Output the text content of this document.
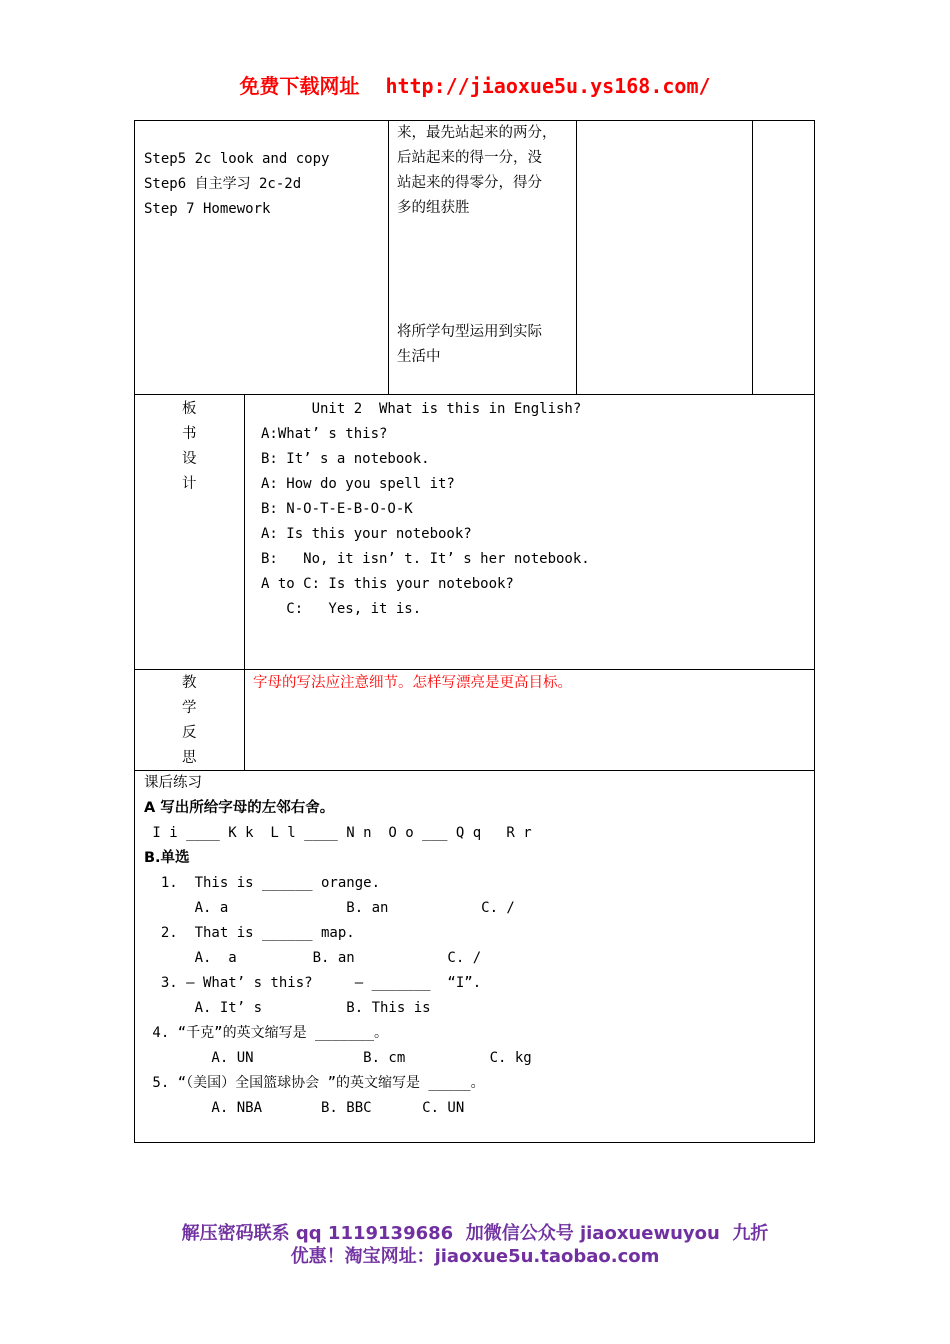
免费下载网址 http://jiaoxue5u.ys168.com/
Step5 2c look and copy
Step6 自主学习 2c-2d
Step 7 Homework
来，最先站起来的两分，
后站起来的得一分，没
站起来的得零分，得分
多的组获胜
将所学句型运用到实际
生活中
板
书
设
计
Unit 2  What is this in English?
A:What’ s this?
B: It’ s a notebook.
A: How do you spell it?
B: N-O-T-E-B-O-O-K
A: Is this your notebook?
B:   No, it isn’ t. It’ s her notebook.
A to C: Is this your notebook?
C:   Yes, it is.
教
学
反
思
字母的写法应注意细节。怎样写漂亮是更高目标。
课后练习
A 写出所给字母的左邻右舍。
I i ____ K k  L l ____ N n  O o ___ Q q   R r
B.单选
1.  This is ______ orange.
A. a              B. an           C. /
2.  That is ______ map.
A.  a         B. an           C. /
3. — What’ s this?     — _______  “I”.
A. It’ s          B. This is
4. “千克”的英文缩写是 _______。
A. UN             B. cm          C. kg
5. “（美国）全国篮球协会 ”的英文缩写是 _____。
A. NBA       B. BBC      C. UN
解压密码联系 qq 1119139686  加微信公众号 jiaoxuewuyou  九折
优惠！淘宝网址：jiaoxue5u.taobao.com
